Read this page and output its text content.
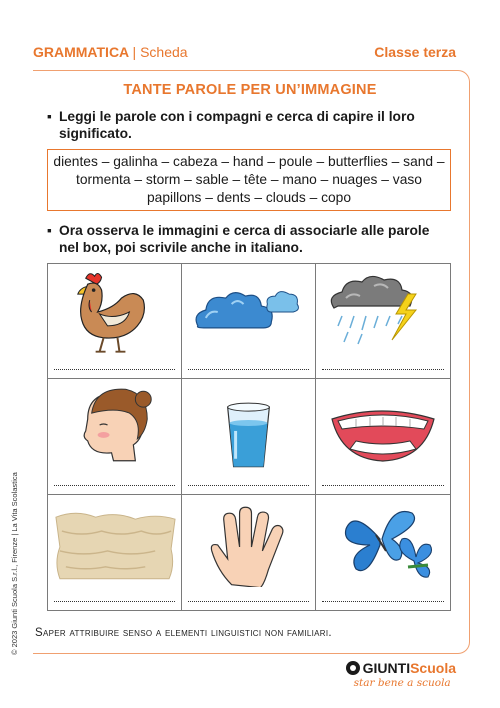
GRAMMATICA | Scheda	Classe terza
TANTE PAROLE PER UN’IMMAGINE
▪ Leggi le parole con i compagni e cerca di capire il loro significato.

dientes – galinha – cabeza – hand – poule – butterflies – sand – tormenta – storm – sable – tête – mano – nuages – vaso papillons – dents – clouds – copo

▪ Ora osserva le immagini e cerca di associarle alle parole nel box, poi scrivile anche in italiano.
Saper attribuire senso a elementi linguistici non familiari.
© 2023 Giunti Scuola S.r.l., Firenze | La Vita Scolastica
GIUNTI Scuola
star bene a scuola
